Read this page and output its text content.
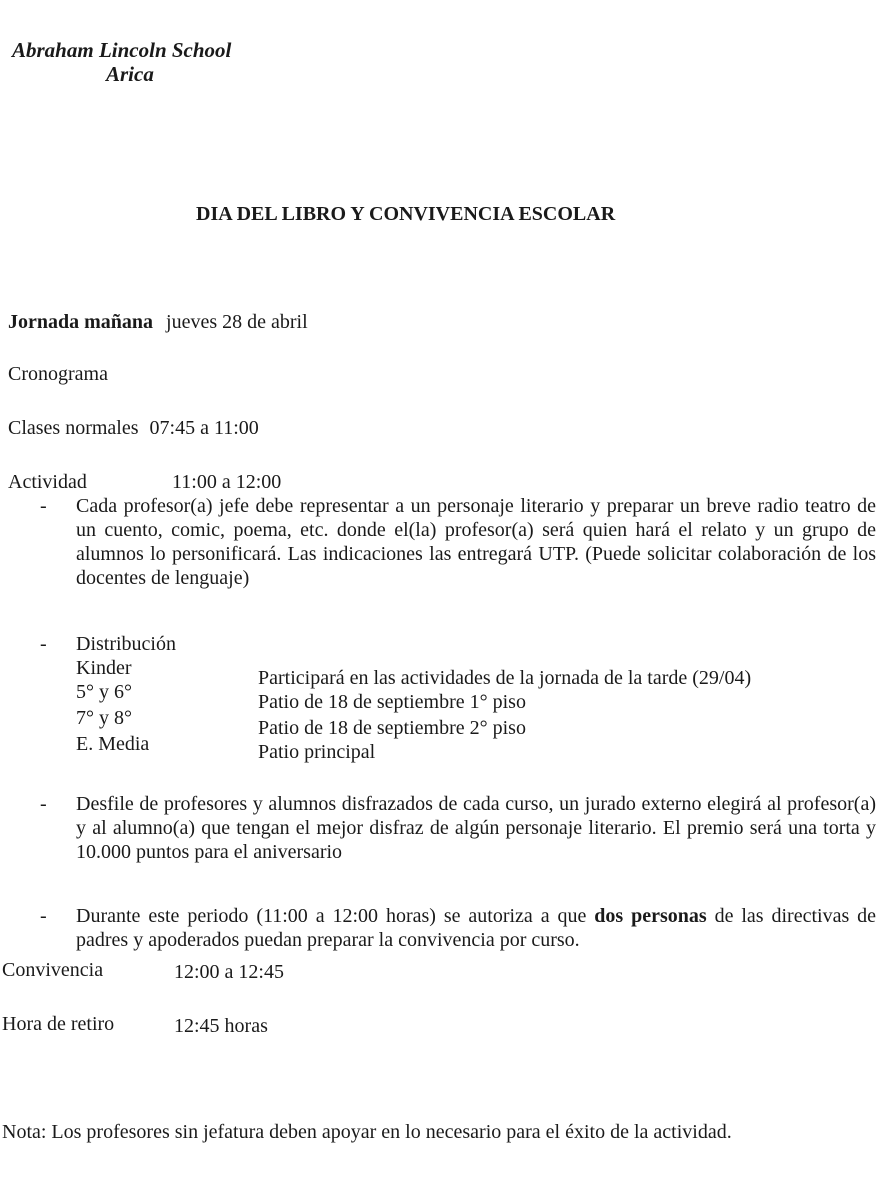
Abraham Lincoln School
Arica
DIA DEL LIBRO Y CONVIVENCIA ESCOLAR
Jornada mañana jueves 28 de abril
Cronograma
Clases normales 07:45 a 11:00
Actividad	11:00 a 12:00
- Cada profesor(a) jefe debe representar a un personaje literario y preparar un breve radio teatro de un cuento, comic, poema, etc. donde el(la) profesor(a) será quien hará el relato y un grupo de alumnos lo personificará. Las indicaciones las entregará UTP. (Puede solicitar colaboración de los docentes de lenguaje)
- Distribución
Kinder	Participará en las actividades de la jornada de la tarde (29/04)
5° y 6°	Patio de 18 de septiembre 1° piso
7° y 8°	Patio de 18 de septiembre 2° piso
E. Media	Patio principal
- Desfile de profesores y alumnos disfrazados de cada curso, un jurado externo elegirá al profesor(a) y al alumno(a) que tengan el mejor disfraz de algún personaje literario. El premio será una torta y 10.000 puntos para el aniversario
- Durante este periodo (11:00 a 12:00 horas) se autoriza a que dos personas de las directivas de padres y apoderados puedan preparar la convivencia por curso.
Convivencia	12:00 a 12:45
Hora de retiro	12:45 horas
Nota: Los profesores sin jefatura deben apoyar en lo necesario para el éxito de la actividad.
